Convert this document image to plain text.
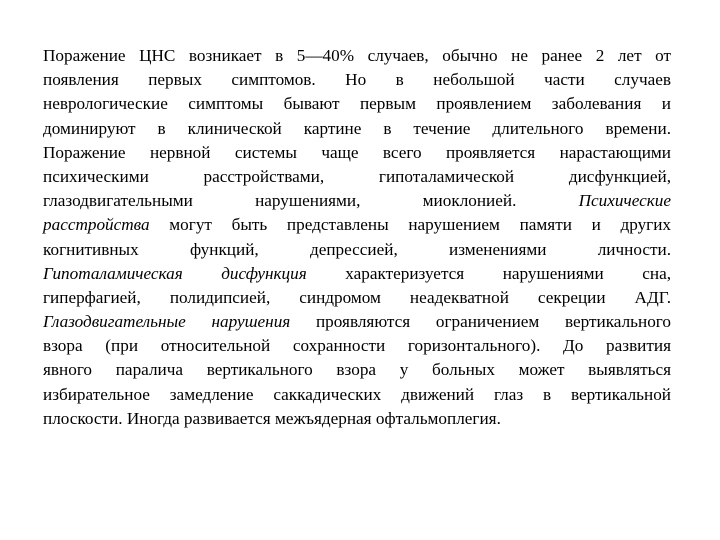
Поражение ЦНС возникает в 5—40% случаев, обычно не ранее 2 лет от
появления первых симптомов. Но в небольшой части случаев
неврологические симптомы бывают первым проявлением заболевания и
доминируют в клинической картине в течение длительного времени.
Поражение нервной системы чаще всего проявляется нарастающими
психическими расстройствами, гипоталамической дисфункцией,
глазодвигательными нарушениями, миоклонией. Психические
расстройства могут быть представлены нарушением памяти и других
когнитивных функций, депрессией, изменениями личности.
Гипоталамическая дисфункция характеризуется нарушениями сна,
гиперфагией, полидипсией, синдромом неадекватной секреции АДГ.
Глазодвигательные нарушения проявляются ограничением вертикального
взора (при относительной сохранности горизонтального). До развития
явного паралича вертикального взора у больных может выявляться
избирательное замедление саккадических движений глаз в вертикальной
плоскости. Иногда развивается межъядерная офтальмоплегия.
